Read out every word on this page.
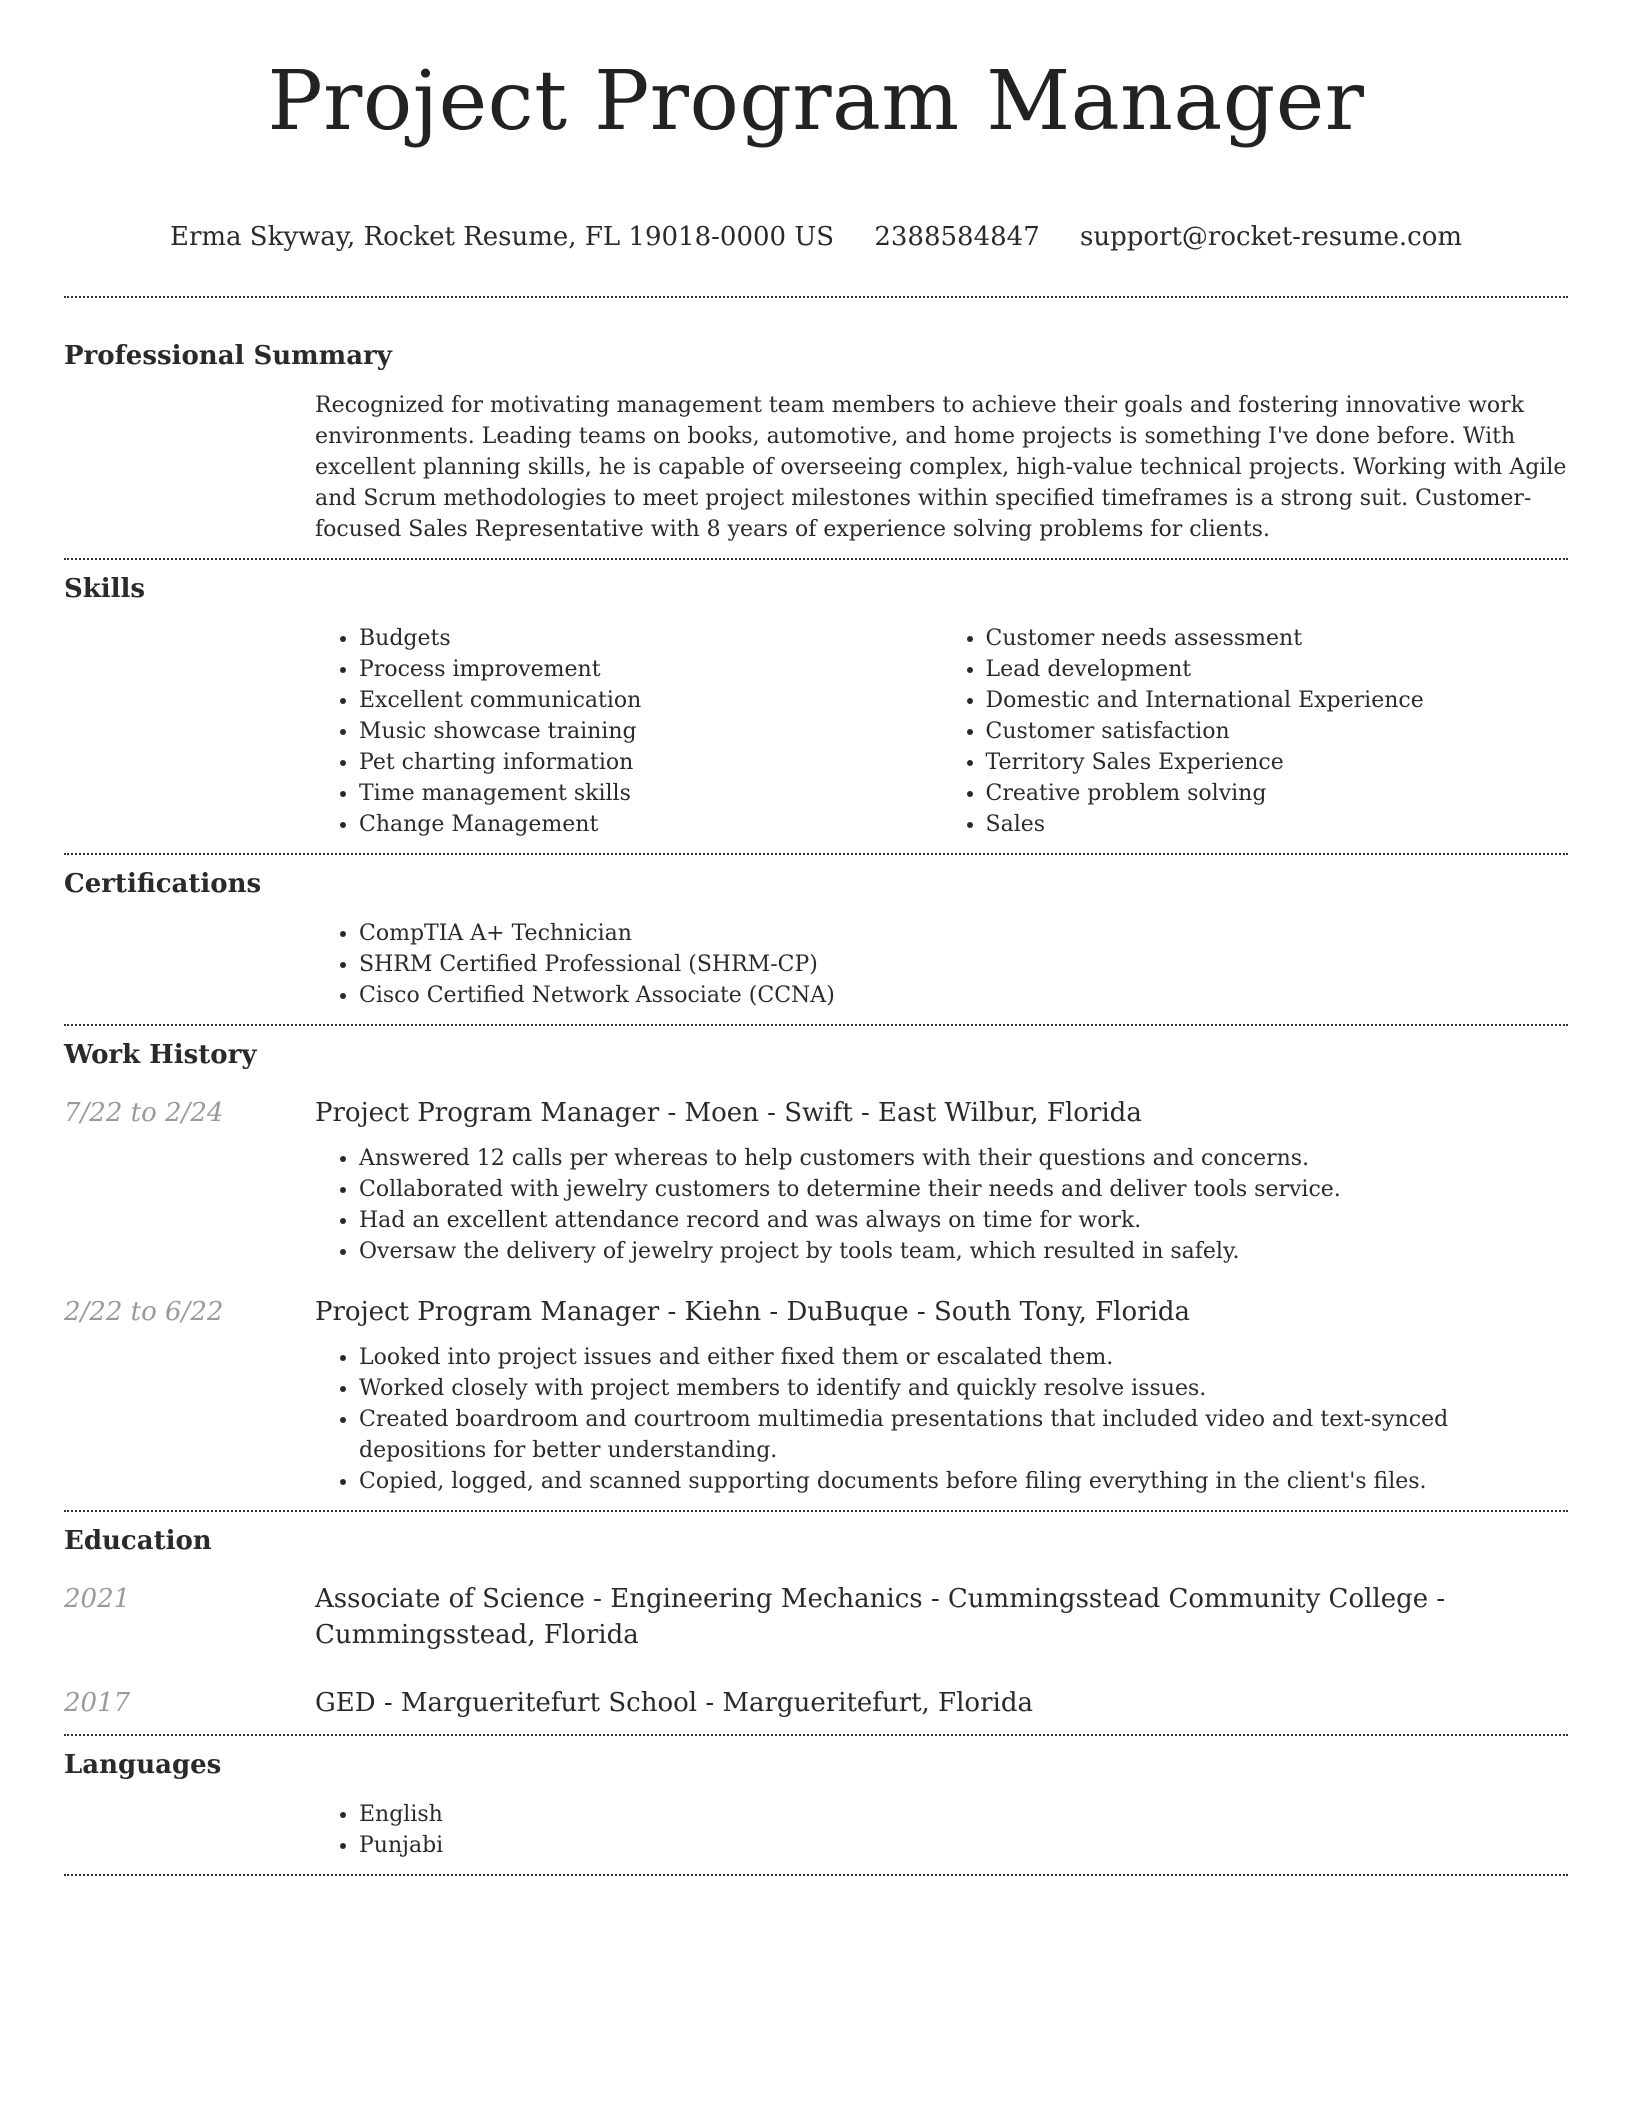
Project Program Manager
Erma Skyway, Rocket Resume, FL 19018-0000 US 2388584847 support@rocket-resume.com
Professional Summary

Recognized for motivating management team members to achieve their goals and fostering innovative work environments. Leading teams on books, automotive, and home projects is something I've done before. With excellent planning skills, he is capable of overseeing complex, high-value technical projects. Working with Agile and Scrum methodologies to meet project milestones within specified timeframes is a strong suit. Customer-focused Sales Representative with 8 years of experience solving problems for clients.

Skills
• Budgets
• Process improvement
• Excellent communication
• Music showcase training
• Pet charting information
• Time management skills
• Change Management
• Customer needs assessment
• Lead development
• Domestic and International Experience
• Customer satisfaction
• Territory Sales Experience
• Creative problem solving
• Sales
Certifications
• CompTIA A+ Technician
• SHRM Certified Professional (SHRM-CP)
• Cisco Certified Network Associate (CCNA)
Work History
7/22 to 2/24	Project Program Manager - Moen - Swift - East Wilbur, Florida
• Answered 12 calls per whereas to help customers with their questions and concerns.
• Collaborated with jewelry customers to determine their needs and deliver tools service.
• Had an excellent attendance record and was always on time for work.
• Oversaw the delivery of jewelry project by tools team, which resulted in safely.
2/22 to 6/22	Project Program Manager - Kiehn - DuBuque - South Tony, Florida
• Looked into project issues and either fixed them or escalated them.
• Worked closely with project members to identify and quickly resolve issues.
• Created boardroom and courtroom multimedia presentations that included video and text-synced depositions for better understanding.
• Copied, logged, and scanned supporting documents before filing everything in the client's files.
Education
2021	Associate of Science - Engineering Mechanics - Cummingsstead Community College - Cummingsstead, Florida
2017	GED - Margueritefurt School - Margueritefurt, Florida
Languages
• English
• Punjabi
